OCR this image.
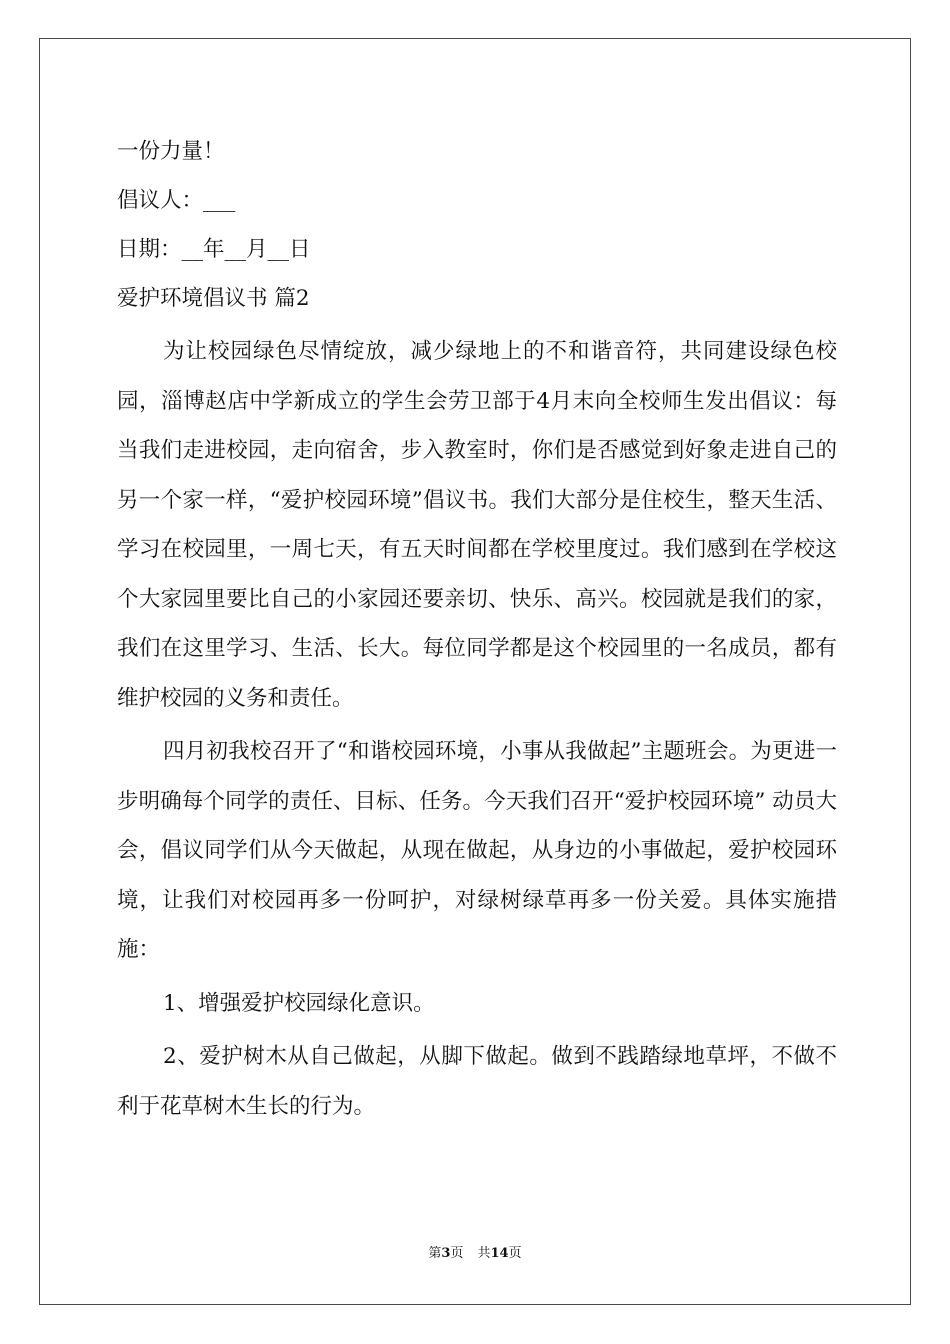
一份力量！
倡议人：___
日期：__年__月__日
爱护环境倡议书 篇2

为让校园绿色尽情绽放，减少绿地上的不和谐音符，共同建设绿色校园，淄博赵店中学新成立的学生会劳卫部于4月末向全校师生发出倡议：每当我们走进校园，走向宿舍，步入教室时，你们是否感觉到好象走进自己的另一个家一样，“爱护校园环境”倡议书。我们大部分是住校生，整天生活、学习在校园里，一周七天，有五天时间都在学校里度过。我们感到在学校这个大家园里要比自己的小家园还要亲切、快乐、高兴。校园就是我们的家，我们在这里学习、生活、长大。每位同学都是这个校园里的一名成员，都有维护校园的义务和责任。

四月初我校召开了“和谐校园环境，小事从我做起”主题班会。为更进一步明确每个同学的责任、目标、任务。今天我们召开“爱护校园环境” 动员大会，倡议同学们从今天做起，从现在做起，从身边的小事做起，爱护校园环境，让我们对校园再多一份呵护，对绿树绿草再多一份关爱。具体实施措施：

1、增强爱护校园绿化意识。

2、爱护树木从自己做起，从脚下做起。做到不践踏绿地草坪，不做不利于花草树木生长的行为。

第3页 共14页
